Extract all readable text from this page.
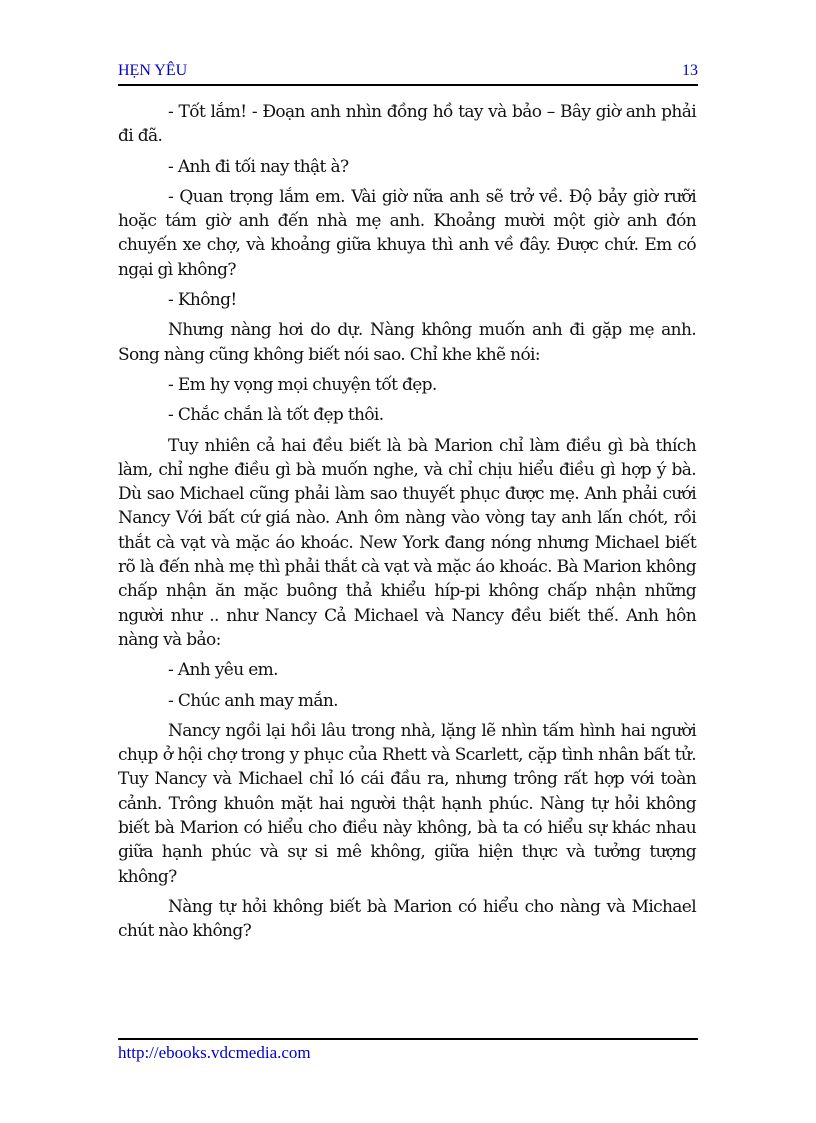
HẸN YÊU	13

- Tốt lắm! - Đoạn anh nhìn đồng hồ tay và bảo – Bây giờ anh phải đi đã.

- Anh đi tối nay thật à?

- Quan trọng lắm em. Vài giờ nữa anh sẽ trở về. Độ bảy giờ rưỡi hoặc tám giờ anh đến nhà mẹ anh. Khoảng mười một giờ anh đón chuyến xe chợ, và khoảng giữa khuya thì anh về đây. Được chứ. Em có ngại gì không?

- Không!

Nhưng nàng hơi do dự. Nàng không muốn anh đi gặp mẹ anh. Song nàng cũng không biết nói sao. Chỉ khe khẽ nói:

- Em hy vọng mọi chuyện tốt đẹp.

- Chắc chắn là tốt đẹp thôi.

Tuy nhiên cả hai đều biết là bà Marion chỉ làm điều gì bà thích làm, chỉ nghe điều gì bà muốn nghe, và chỉ chịu hiểu điều gì hợp ý bà. Dù sao Michael cũng phải làm sao thuyết phục được mẹ. Anh phải cưới Nancy Với bất cứ giá nào. Anh ôm nàng vào vòng tay anh lấn chót, rồi thắt cà vạt và mặc áo khoác. New York đang nóng nhưng Michael biết rõ là đến nhà mẹ thì phải thắt cà vạt và mặc áo khoác. Bà Marion không chấp nhận ăn mặc buông thả khiểu híp-pi không chấp nhận những người như .. như Nancy Cả Michael và Nancy đều biết thế. Anh hôn nàng và bảo:

- Anh yêu em.

- Chúc anh may mắn.

Nancy ngồi lại hồi lâu trong nhà, lặng lẽ nhìn tấm hình hai người chụp ở hội chợ trong y phục của Rhett và Scarlett, cặp tình nhân bất tử. Tuy Nancy và Michael chỉ ló cái đầu ra, nhưng trông rất hợp với toàn cảnh. Trông khuôn mặt hai người thật hạnh phúc. Nàng tự hỏi không biết bà Marion có hiểu cho điều này không, bà ta có hiểu sự khác nhau giữa hạnh phúc và sự si mê không, giữa hiện thực và tưởng tượng không?

Nàng tự hỏi không biết bà Marion có hiểu cho nàng và Michael chút nào không?

http://ebooks.vdcmedia.com
